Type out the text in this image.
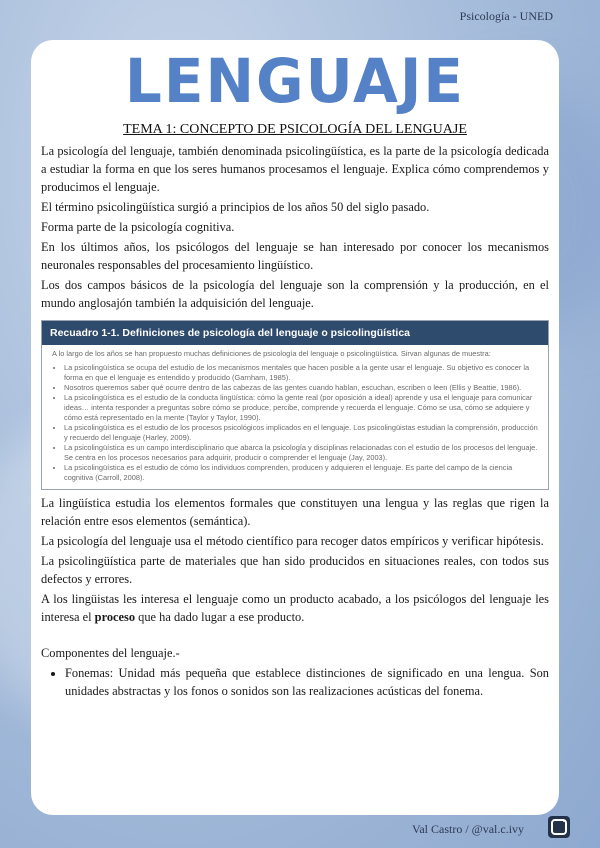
Psicología - UNED
LENGUAJE
TEMA 1: CONCEPTO DE PSICOLOGÍA DEL LENGUAJE

La psicología del lenguaje, también denominada psicolingüística, es la parte de la psicología dedicada a estudiar la forma en que los seres humanos procesamos el lenguaje. Explica cómo comprendemos y producimos el lenguaje.

El término psicolingüística surgió a principios de los años 50 del siglo pasado.

Forma parte de la psicología cognitiva.

En los últimos años, los psicólogos del lenguaje se han interesado por conocer los mecanismos neuronales responsables del procesamiento lingüístico.

Los dos campos básicos de la psicología del lenguaje son la comprensión y la producción, en el mundo anglosajón también la adquisición del lenguaje.

Recuadro 1-1. Definiciones de psicología del lenguaje o psicolingüística
A lo largo de los años se han propuesto muchas definiciones de psicología del lenguaje o psicolingüística. Sirvan algunas de muestra:
• La psicolingüística se ocupa del estudio de los mecanismos mentales que hacen posible a la gente usar el lenguaje. Su objetivo es conocer la forma en que el lenguaje es entendido y producido (Garnham, 1985).
• Nosotros queremos saber qué ocurre dentro de las cabezas de las gentes cuando hablan, escuchan, escriben o leen (Ellis y Beattie, 1986).
• La psicolingüística es el estudio de la conducta lingüística: cómo la gente real (por oposición a ideal) aprende y usa el lenguaje para comunicar ideas… intenta responder a preguntas sobre cómo se produce, percibe, comprende y recuerda el lenguaje. Cómo se usa, cómo se adquiere y cómo está representado en la mente (Taylor y Taylor, 1990).
• La psicolingüística es el estudio de los procesos psicológicos implicados en el lenguaje. Los psicolingüistas estudian la comprensión, producción y recuerdo del lenguaje (Harley, 2009).
• La psicolingüística es un campo interdisciplinario que abarca la psicología y disciplinas relacionadas con el estudio de los procesos del lenguaje. Se centra en los procesos necesarios para adquirir, producir o comprender el lenguaje (Jay, 2003).
• La psicolingüística es el estudio de cómo los individuos comprenden, producen y adquieren el lenguaje. Es parte del campo de la ciencia cognitiva (Carroll, 2008).

La lingüística estudia los elementos formales que constituyen una lengua y las reglas que rigen la relación entre esos elementos (semántica).

La psicología del lenguaje usa el método científico para recoger datos empíricos y verificar hipótesis.

La psicolingüística parte de materiales que han sido producidos en situaciones reales, con todos sus defectos y errores.

A los lingüistas les interesa el lenguaje como un producto acabado, a los psicólogos del lenguaje les interesa el proceso que ha dado lugar a ese producto.

Componentes del lenguaje.-

• Fonemas: Unidad más pequeña que establece distinciones de significado en una lengua. Son unidades abstractas y los fonos o sonidos son las realizaciones acústicas del fonema.
Val Castro / @val.c.ivy
